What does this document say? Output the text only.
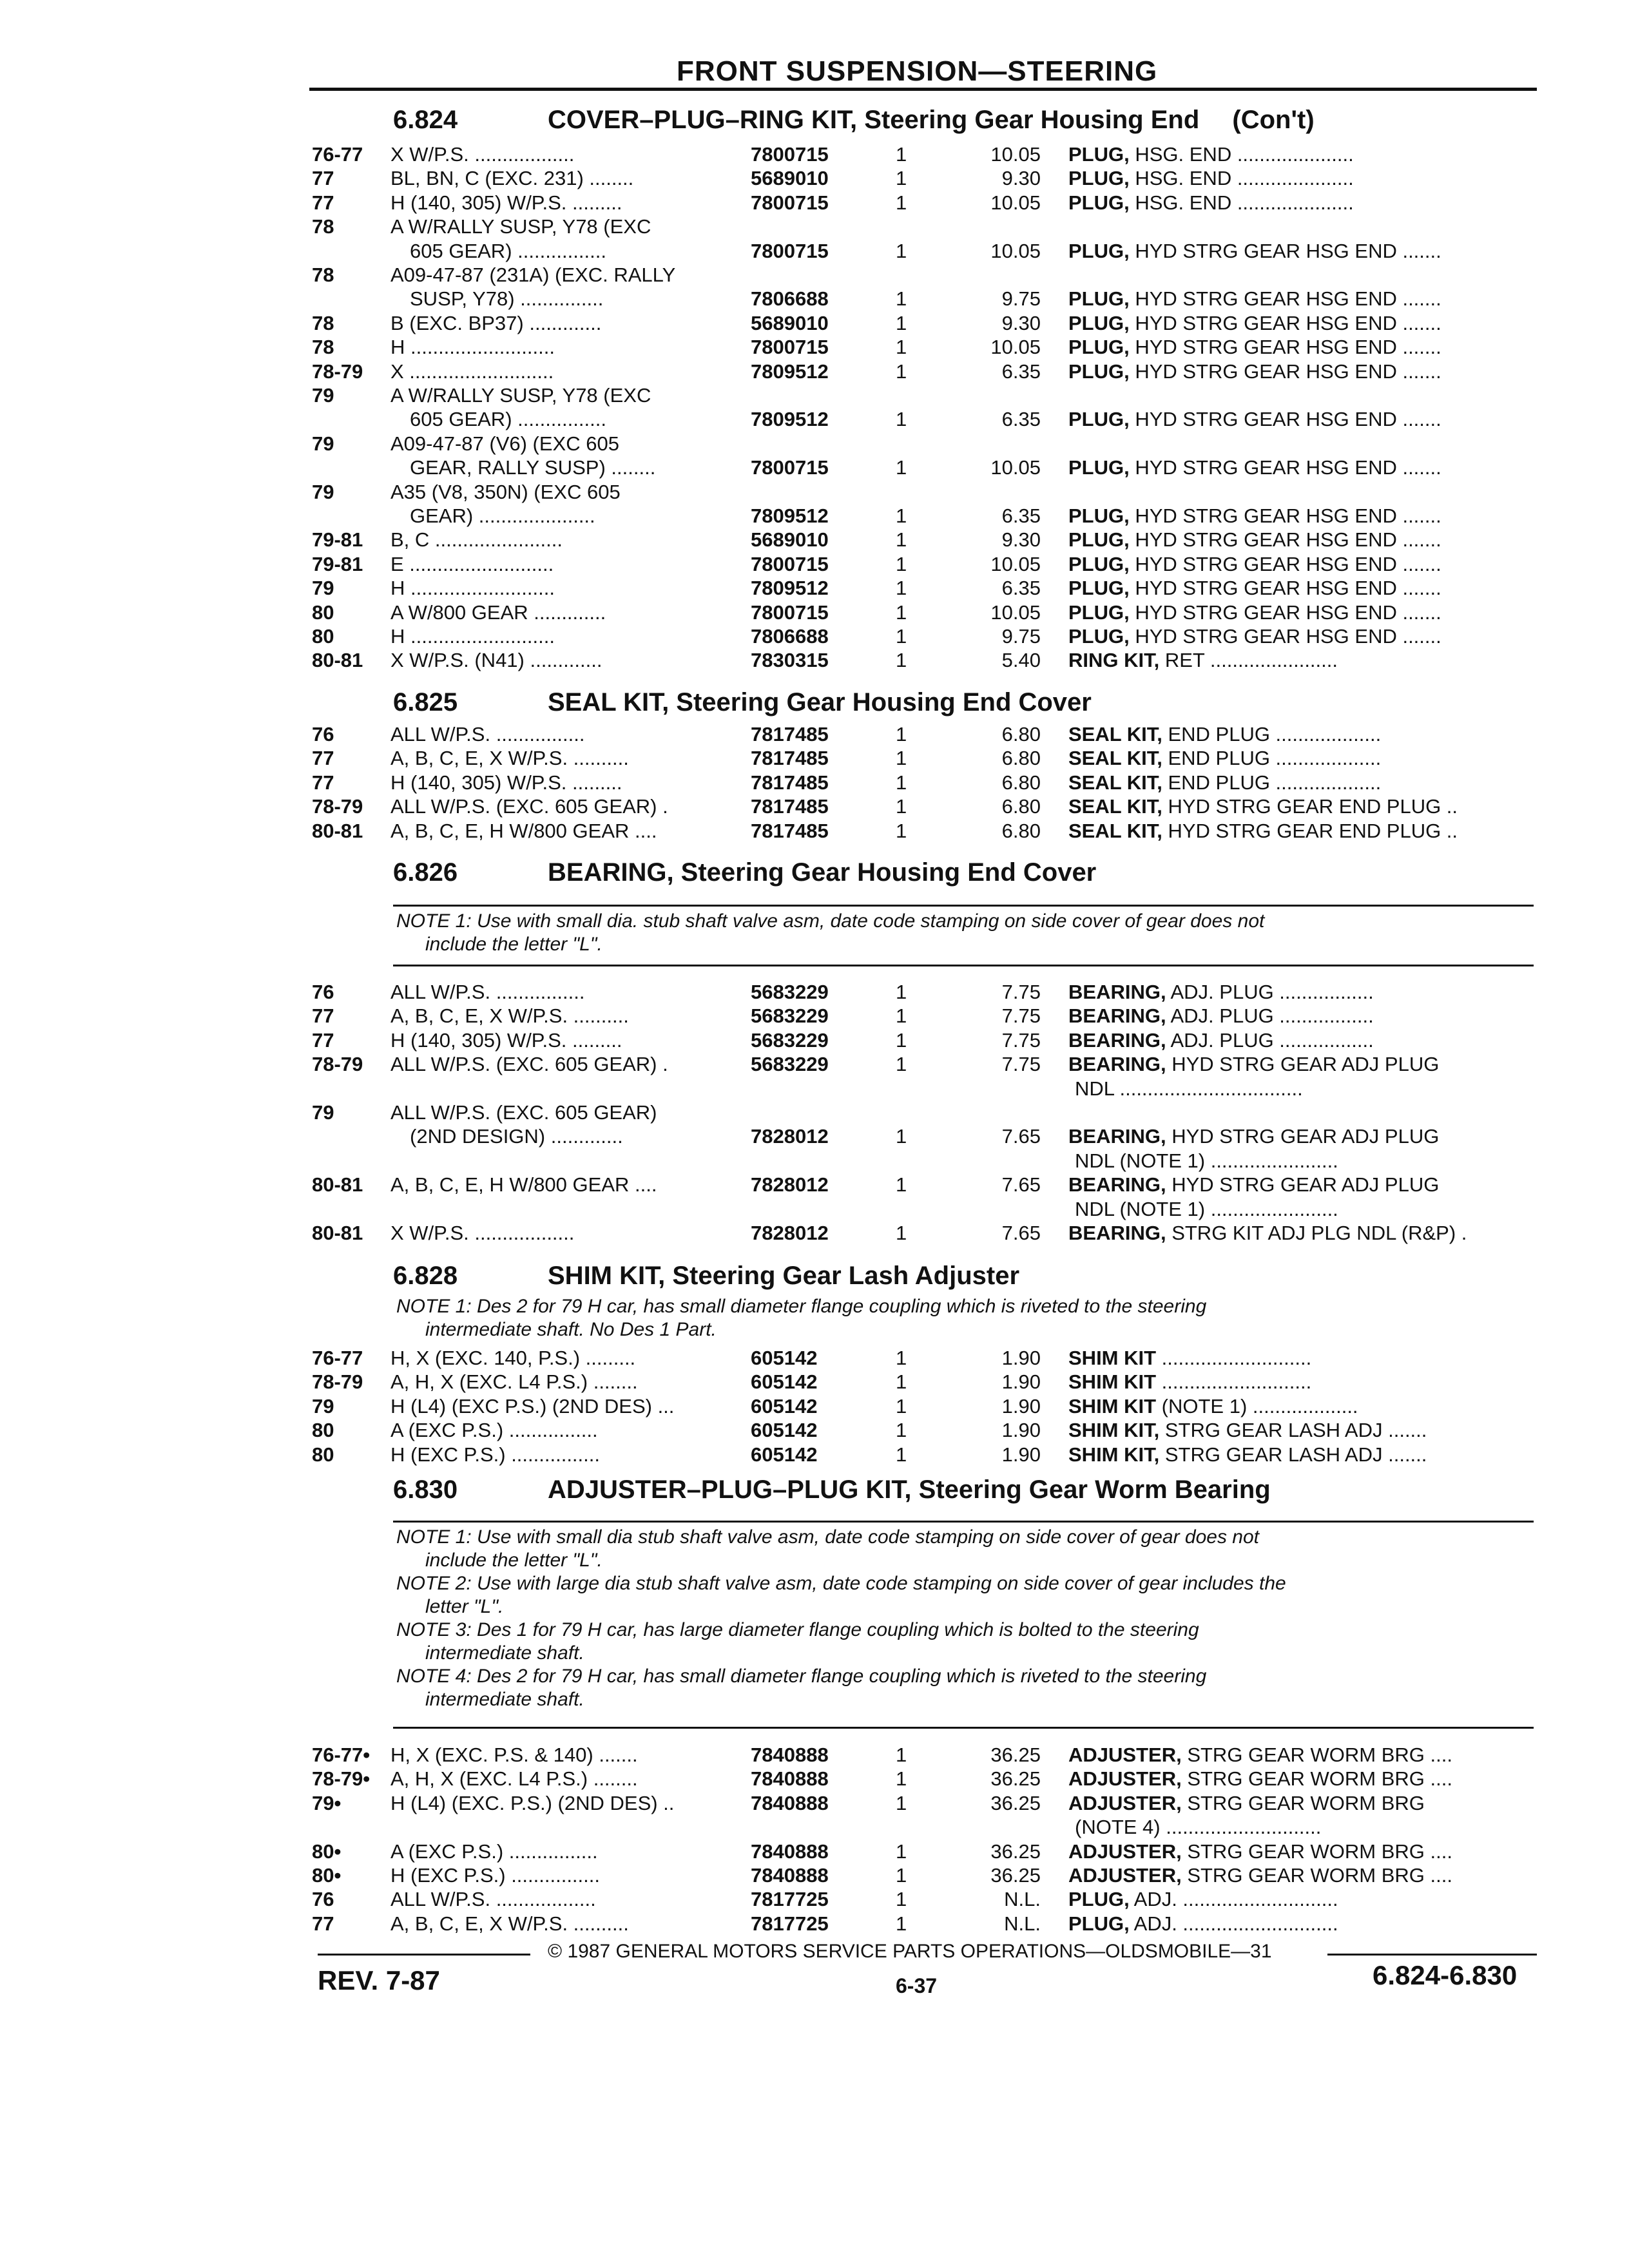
FRONT SUSPENSION—STEERING
6.824	COVER–PLUG–RING KIT, Steering Gear Housing End (Con't)
6.825	SEAL KIT, Steering Gear Housing End Cover
6.826	BEARING, Steering Gear Housing End Cover
NOTE 1: Use with small dia. stub shaft valve asm, date code stamping on side cover of gear does not
include the letter "L".
6.828	SHIM KIT, Steering Gear Lash Adjuster
NOTE 1: Des 2 for 79 H car, has small diameter flange coupling which is riveted to the steering
intermediate shaft. No Des 1 Part.
6.830	ADJUSTER–PLUG–PLUG KIT, Steering Gear Worm Bearing
NOTE 1: Use with small dia stub shaft valve asm, date code stamping on side cover of gear does not
include the letter "L".
NOTE 2: Use with large dia stub shaft valve asm, date code stamping on side cover of gear includes the
letter "L".
NOTE 3: Des 1 for 79 H car, has large diameter flange coupling which is bolted to the steering
intermediate shaft.
NOTE 4: Des 2 for 79 H car, has small diameter flange coupling which is riveted to the steering
intermediate shaft.
76-77	X W/P.S. ..................	7800715	1	10.05 PLUG, HSG. END .....................
77	BL, BN, C (EXC. 231) ........	5689010	1	9.30 PLUG, HSG. END .....................
77	H (140, 305) W/P.S. .........	7800715	1	10.05 PLUG, HSG. END .....................
78	A W/RALLY SUSP, Y78 (EXC
605 GEAR) ................	7800715	1	10.05 PLUG, HYD STRG GEAR HSG END .......
78	A09-47-87 (231A) (EXC. RALLY
SUSP, Y78) ...............	7806688	1	9.75 PLUG, HYD STRG GEAR HSG END .......
78	B (EXC. BP37) .............	5689010	1	9.30 PLUG, HYD STRG GEAR HSG END .......
78	H ..........................	7800715	1	10.05 PLUG, HYD STRG GEAR HSG END .......
78-79	X ..........................	7809512	1	6.35 PLUG, HYD STRG GEAR HSG END .......
79	A W/RALLY SUSP, Y78 (EXC
605 GEAR) ................	7809512	1	6.35 PLUG, HYD STRG GEAR HSG END .......
79	A09-47-87 (V6) (EXC 605
GEAR, RALLY SUSP) ........	7800715	1	10.05 PLUG, HYD STRG GEAR HSG END .......
79	A35 (V8, 350N) (EXC 605
GEAR) .....................	7809512	1	6.35 PLUG, HYD STRG GEAR HSG END .......
79-81	B, C .......................	5689010	1	9.30 PLUG, HYD STRG GEAR HSG END .......
79-81	E ..........................	7800715	1	10.05 PLUG, HYD STRG GEAR HSG END .......
79	H ..........................	7809512	1	6.35 PLUG, HYD STRG GEAR HSG END .......
80	A W/800 GEAR .............	7800715	1	10.05 PLUG, HYD STRG GEAR HSG END .......
80	H ..........................	7806688	1	9.75 PLUG, HYD STRG GEAR HSG END .......
80-81	X W/P.S. (N41) .............	7830315	1	5.40 RING KIT, RET .......................
76	ALL W/P.S. ................	7817485	1	6.80 SEAL KIT, END PLUG ...................
77	A, B, C, E, X W/P.S. ..........	7817485	1	6.80 SEAL KIT, END PLUG ...................
77	H (140, 305) W/P.S. .........	7817485	1	6.80 SEAL KIT, END PLUG ...................
78-79	ALL W/P.S. (EXC. 605 GEAR) .	7817485	1	6.80 SEAL KIT, HYD STRG GEAR END PLUG ..
80-81	A, B, C, E, H W/800 GEAR ....	7817485	1	6.80 SEAL KIT, HYD STRG GEAR END PLUG ..
76	ALL W/P.S. ................	5683229	1	7.75 BEARING, ADJ. PLUG .................
77	A, B, C, E, X W/P.S. ..........	5683229	1	7.75 BEARING, ADJ. PLUG .................
77	H (140, 305) W/P.S. .........	5683229	1	7.75 BEARING, ADJ. PLUG .................
78-79	ALL W/P.S. (EXC. 605 GEAR) .	5683229	1	7.75 BEARING, HYD STRG GEAR ADJ PLUG
NDL .................................
79	ALL W/P.S. (EXC. 605 GEAR)
(2ND DESIGN) .............	7828012	1	7.65 BEARING, HYD STRG GEAR ADJ PLUG
NDL (NOTE 1) .......................
80-81	A, B, C, E, H W/800 GEAR ....	7828012	1	7.65 BEARING, HYD STRG GEAR ADJ PLUG
NDL (NOTE 1) .......................
80-81	X W/P.S. ..................	7828012	1	7.65 BEARING, STRG KIT ADJ PLG NDL (R&P) .
76-77	H, X (EXC. 140, P.S.) .........	605142	1	1.90 SHIM KIT ...........................
78-79	A, H, X (EXC. L4 P.S.) ........	605142	1	1.90 SHIM KIT ...........................
79	H (L4) (EXC P.S.) (2ND DES) ...	605142	1	1.90 SHIM KIT (NOTE 1) ...................
80	A (EXC P.S.) ................	605142	1	1.90 SHIM KIT, STRG GEAR LASH ADJ .......
80	H (EXC P.S.) ................	605142	1	1.90 SHIM KIT, STRG GEAR LASH ADJ .......
76-77•	H, X (EXC. P.S. & 140) .......	7840888	1	36.25 ADJUSTER, STRG GEAR WORM BRG ....
78-79•	A, H, X (EXC. L4 P.S.) ........	7840888	1	36.25 ADJUSTER, STRG GEAR WORM BRG ....
79•	H (L4) (EXC. P.S.) (2ND DES) ..	7840888	1	36.25 ADJUSTER, STRG GEAR WORM BRG
(NOTE 4) ............................
80•	A (EXC P.S.) ................	7840888	1	36.25 ADJUSTER, STRG GEAR WORM BRG ....
80•	H (EXC P.S.) ................	7840888	1	36.25 ADJUSTER, STRG GEAR WORM BRG ....
76	ALL W/P.S. ..................	7817725	1	N.L. PLUG, ADJ. ............................
77	A, B, C, E, X W/P.S. ..........	7817725	1	N.L. PLUG, ADJ. ............................
© 1987 GENERAL MOTORS SERVICE PARTS OPERATIONS—OLDSMOBILE—31
REV. 7-87	6-37	6.824-6.830
